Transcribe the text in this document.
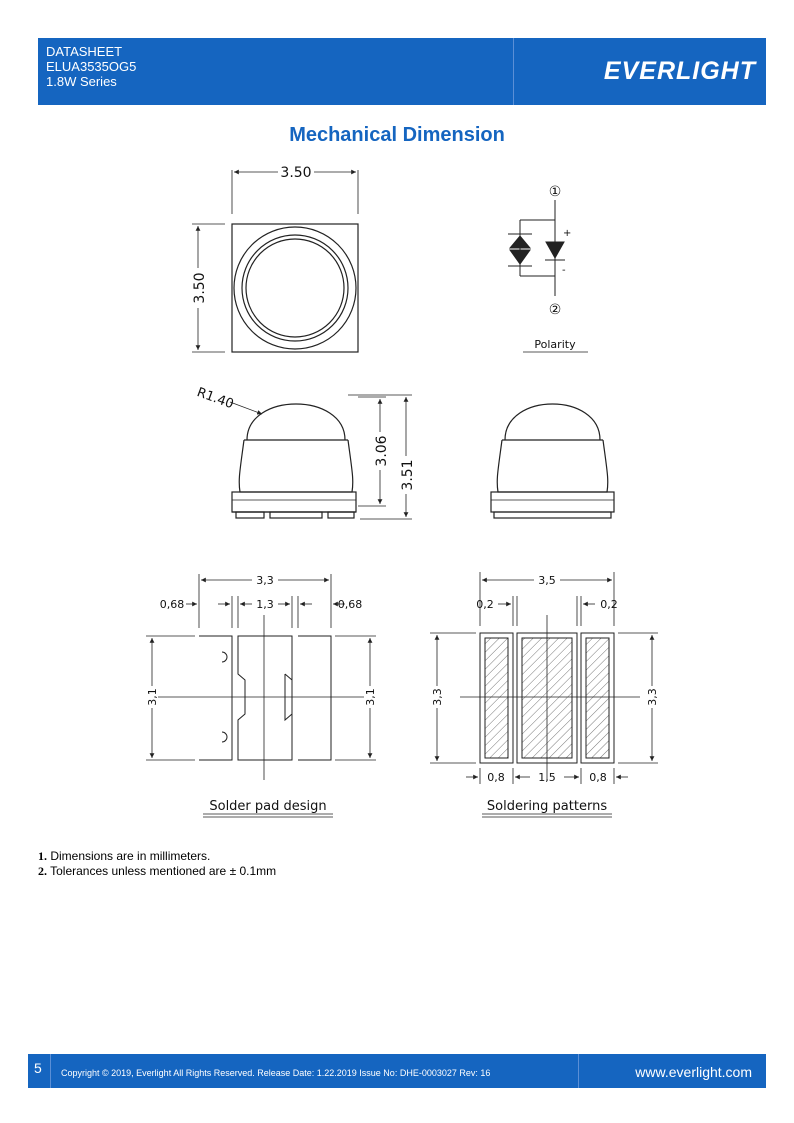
DATASHEET
ELUA3535OG5
1.8W Series	EVERLIGHT
Mechanical Dimension
3.50
3.50
①
②
+
-
Polarity
R1.40
3.06
3.51
3,3
0,68	1,3	0,68
3,1	3,1
Solder pad design
3,5
0,2	0,2
3,3	3,3
0,8	1,5	0,8
Soldering patterns
1. Dimensions are in millimeters.
2. Tolerances unless mentioned are ± 0.1mm
5 Copyright © 2019, Everlight All Rights Reserved. Release Date: 1.22.2019 Issue No: DHE-0003027 Rev: 16	www.everlight.com
